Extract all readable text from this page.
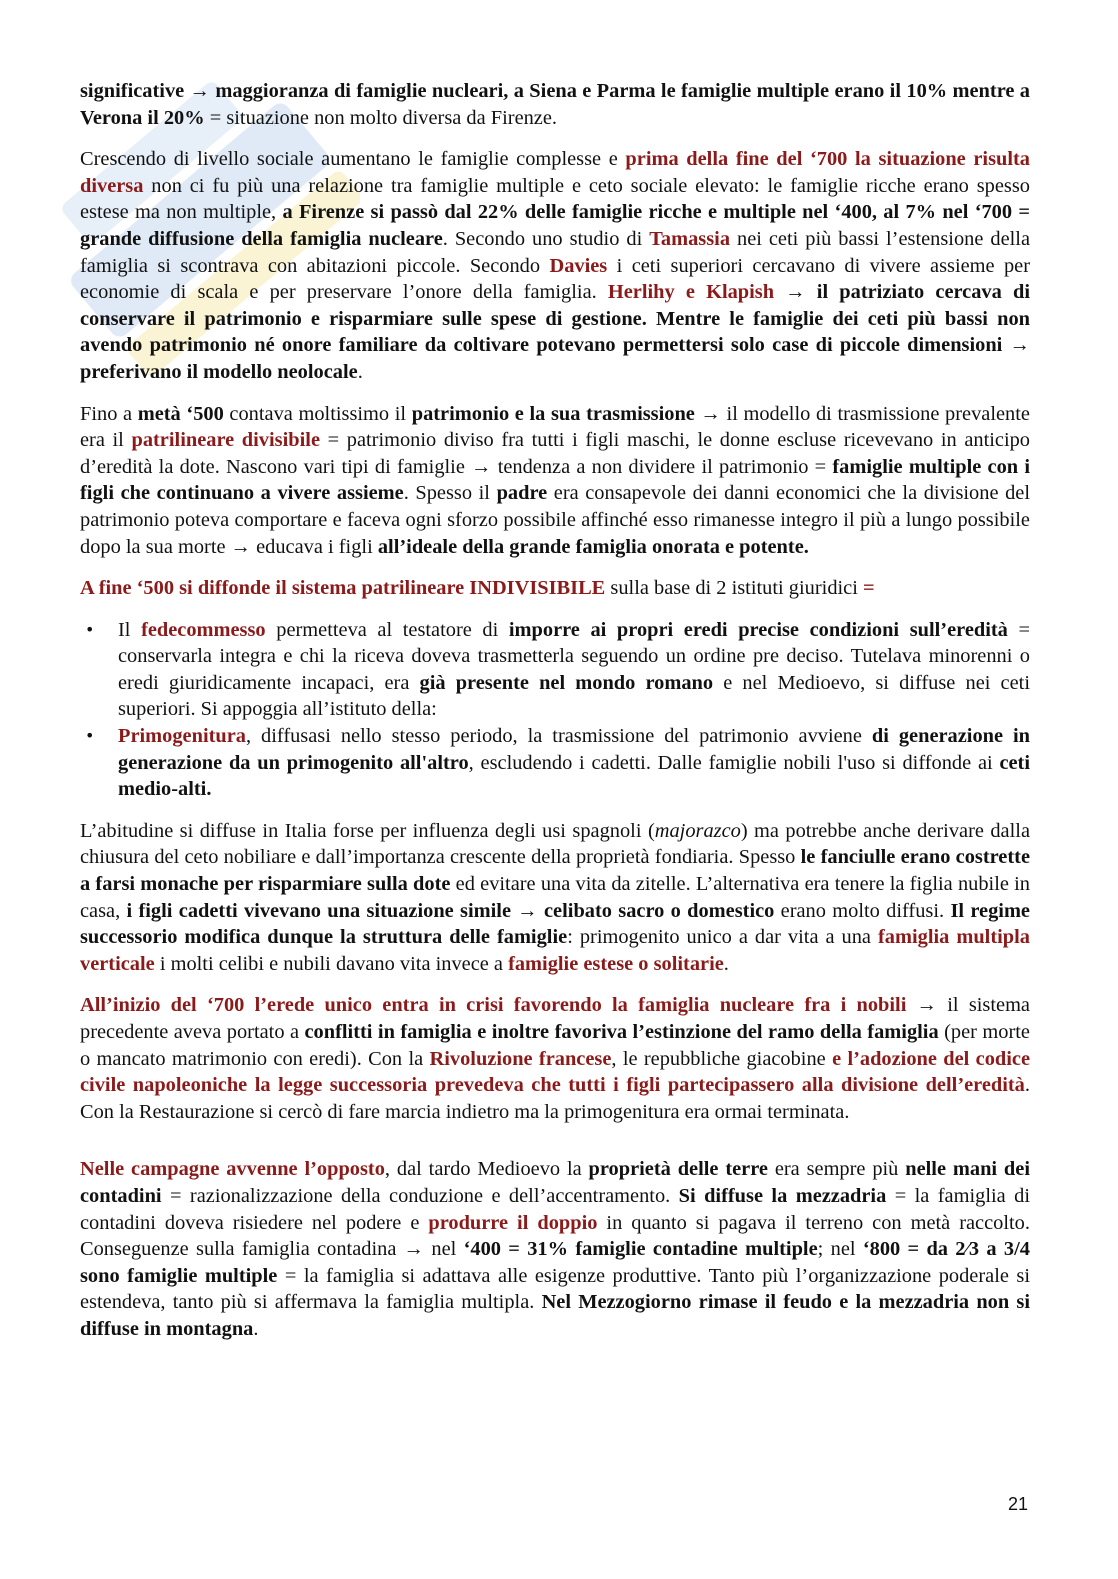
significative → maggioranza di famiglie nucleari, a Siena e Parma le famiglie multiple erano il 10% mentre a Verona il 20% = situazione non molto diversa da Firenze.

Crescendo di livello sociale aumentano le famiglie complesse e prima della fine del ‘700 la situazione risulta diversa non ci fu più una relazione tra famiglie multiple e ceto sociale elevato: le famiglie ricche erano spesso estese ma non multiple, a Firenze si passò dal 22% delle famiglie ricche e multiple nel ‘400, al 7% nel ‘700 = grande diffusione della famiglia nucleare. Secondo uno studio di Tamassia nei ceti più bassi l’estensione della famiglia si scontrava con abitazioni piccole. Secondo Davies i ceti superiori cercavano di vivere assieme per economie di scala e per preservare l’onore della famiglia. Herlihy e Klapish → il patriziato cercava di conservare il patrimonio e risparmiare sulle spese di gestione. Mentre le famiglie dei ceti più bassi non avendo patrimonio né onore familiare da coltivare potevano permettersi solo case di piccole dimensioni → preferivano il modello neolocale.

Fino a metà ‘500 contava moltissimo il patrimonio e la sua trasmissione → il modello di trasmissione prevalente era il patrilineare divisibile = patrimonio diviso fra tutti i figli maschi, le donne escluse ricevevano in anticipo d’eredità la dote. Nascono vari tipi di famiglie → tendenza a non dividere il patrimonio = famiglie multiple con i figli che continuano a vivere assieme. Spesso il padre era consapevole dei danni economici che la divisione del patrimonio poteva comportare e faceva ogni sforzo possibile affinché esso rimanesse integro il più a lungo possibile dopo la sua morte → educava i figli all’ideale della grande famiglia onorata e potente.

A fine ‘500 si diffonde il sistema patrilineare INDIVISIBILE sulla base di 2 istituti giuridici =

• Il fedecommesso permetteva al testatore di imporre ai propri eredi precise condizioni sull’eredità = conservarla integra e chi la riceva doveva trasmetterla seguendo un ordine pre deciso. Tutelava minorenni o eredi giuridicamente incapaci, era già presente nel mondo romano e nel Medioevo, si diffuse nei ceti superiori. Si appoggia all’istituto della:
• Primogenitura, diffusasi nello stesso periodo, la trasmissione del patrimonio avviene di generazione in generazione da un primogenito all'altro, escludendo i cadetti. Dalle famiglie nobili l'uso si diffonde ai ceti medio-alti.

L’abitudine si diffuse in Italia forse per influenza degli usi spagnoli (majorazco) ma potrebbe anche derivare dalla chiusura del ceto nobiliare e dall’importanza crescente della proprietà fondiaria. Spesso le fanciulle erano costrette a farsi monache per risparmiare sulla dote ed evitare una vita da zitelle. L’alternativa era tenere la figlia nubile in casa, i figli cadetti vivevano una situazione simile → celibato sacro o domestico erano molto diffusi. Il regime successorio modifica dunque la struttura delle famiglie: primogenito unico a dar vita a una famiglia multipla verticale i molti celibi e nubili davano vita invece a famiglie estese o solitarie.

All’inizio del ‘700 l’erede unico entra in crisi favorendo la famiglia nucleare fra i nobili → il sistema precedente aveva portato a conflitti in famiglia e inoltre favoriva l’estinzione del ramo della famiglia (per morte o mancato matrimonio con eredi). Con la Rivoluzione francese, le repubbliche giacobine e l’adozione del codice civile napoleoniche la legge successoria prevedeva che tutti i figli partecipassero alla divisione dell’eredità. Con la Restaurazione si cercò di fare marcia indietro ma la primogenitura era ormai terminata.

Nelle campagne avvenne l’opposto, dal tardo Medioevo la proprietà delle terre era sempre più nelle mani dei contadini = razionalizzazione della conduzione e dell’accentramento. Si diffuse la mezzadria = la famiglia di contadini doveva risiedere nel podere e produrre il doppio in quanto si pagava il terreno con metà raccolto. Conseguenze sulla famiglia contadina → nel ‘400 = 31% famiglie contadine multiple; nel ‘800 = da 2⁄3 a 3/4 sono famiglie multiple = la famiglia si adattava alle esigenze produttive. Tanto più l’organizzazione poderale si estendeva, tanto più si affermava la famiglia multipla. Nel Mezzogiorno rimase il feudo e la mezzadria non si diffuse in montagna.

21
